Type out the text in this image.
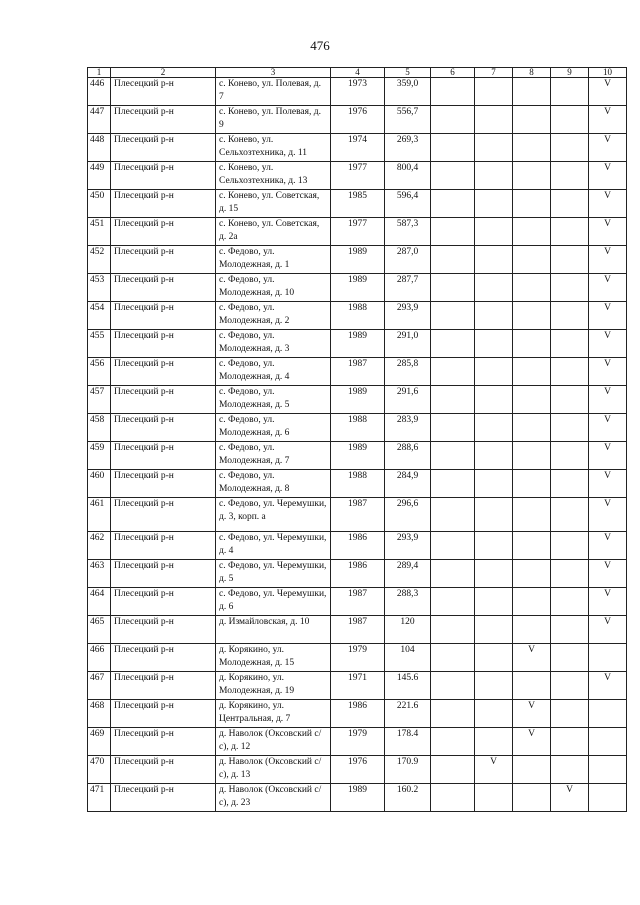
476
1	2	3	4	5	6	7	8	9	10
446	Плесецкий р-н	с. Конево, ул. Полевая, д. 7	1973	359,0					V
447	Плесецкий р-н	с. Конево, ул. Полевая, д. 9	1976	556,7					V
448	Плесецкий р-н	с. Конево, ул. Сельхозтехника, д. 11	1974	269,3					V
449	Плесецкий р-н	с. Конево, ул. Сельхозтехника, д. 13	1977	800,4					V
450	Плесецкий р-н	с. Конево, ул. Советская, д. 15	1985	596,4					V
451	Плесецкий р-н	с. Конево, ул. Советская, д. 2а	1977	587,3					V
452	Плесецкий р-н	с. Федово, ул. Молодежная, д. 1	1989	287,0					V
453	Плесецкий р-н	с. Федово, ул. Молодежная, д. 10	1989	287,7					V
454	Плесецкий р-н	с. Федово, ул. Молодежная, д. 2	1988	293,9					V
455	Плесецкий р-н	с. Федово, ул. Молодежная, д. 3	1989	291,0					V
456	Плесецкий р-н	с. Федово, ул. Молодежная, д. 4	1987	285,8					V
457	Плесецкий р-н	с. Федово, ул. Молодежная, д. 5	1989	291,6					V
458	Плесецкий р-н	с. Федово, ул. Молодежная, д. 6	1988	283,9					V
459	Плесецкий р-н	с. Федово, ул. Молодежная, д. 7	1989	288,6					V
460	Плесецкий р-н	с. Федово, ул. Молодежная, д. 8	1988	284,9					V
461	Плесецкий р-н	с. Федово, ул. Черемушки, д. 3, корп. а	1987	296,6					V
462	Плесецкий р-н	с. Федово, ул. Черемушки, д. 4	1986	293,9					V
463	Плесецкий р-н	с. Федово, ул. Черемушки, д. 5	1986	289,4					V
464	Плесецкий р-н	с. Федово, ул. Черемушки, д. 6	1987	288,3					V
465	Плесецкий р-н	д. Измайловская, д. 10	1987	120					V
466	Плесецкий р-н	д. Корякино, ул. Молодежная, д. 15	1979	104			V		
467	Плесецкий р-н	д. Корякино, ул. Молодежная, д. 19	1971	145.6					V
468	Плесецкий р-н	д. Корякино, ул. Центральная, д. 7	1986	221.6			V		
469	Плесецкий р-н	д. Наволок (Оксовский с/с), д. 12	1979	178.4			V		
470	Плесецкий р-н	д. Наволок (Оксовский с/с), д. 13	1976	170.9		V			
471	Плесецкий р-н	д. Наволок (Оксовский с/с), д. 23	1989	160.2				V	
